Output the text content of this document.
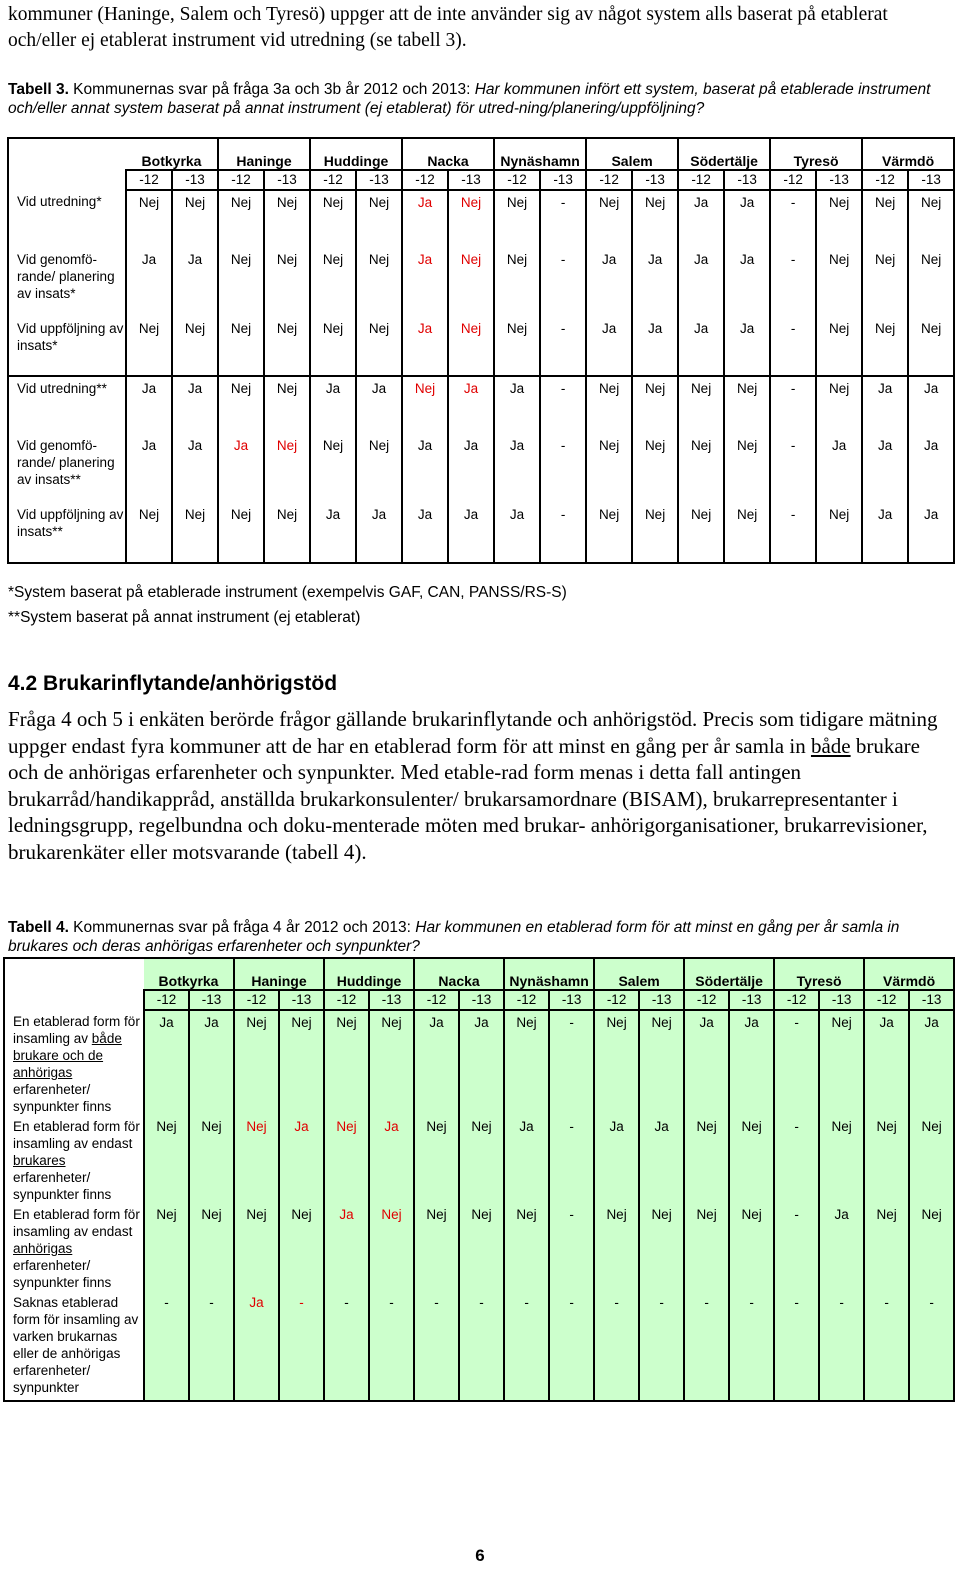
kommuner (Haninge, Salem och Tyresö) uppger att de inte använder sig av något system alls baserat på etablerat och/eller ej etablerat instrument vid utredning (se tabell 3).
Tabell 3. Kommunernas svar på fråga 3a och 3b år 2012 och 2013: Har kommunen infört ett system, baserat på etablerade instrument och/eller annat system baserat på annat instrument (ej etablerat) för utred-ning/planering/uppföljning?
	Botkyrka		Haninge		Huddinge		Nacka		Nynäshamn		Salem		Södertälje		Tyresö		Värmdö	
	-12	-13	-12	-13	-12	-13	-12	-13	-12	-13	-12	-13	-12	-13	-12	-13	-12	-13
Vid utredning*	Nej	Nej	Nej	Nej	Nej	Nej	Ja	Nej	Nej	-	Nej	Nej	Ja	Ja	-	Nej	Nej	Nej
Vid genomfö-rande/ planering av insats*	Ja	Ja	Nej	Nej	Nej	Nej	Ja	Nej	Nej	-	Ja	Ja	Ja	Ja	-	Nej	Nej	Nej
Vid uppföljning av insats*	Nej	Nej	Nej	Nej	Nej	Nej	Ja	Nej	Nej	-	Ja	Ja	Ja	Ja	-	Nej	Nej	Nej
Vid utredning**	Ja	Ja	Nej	Nej	Ja	Ja	Nej	Ja	Ja	-	Nej	Nej	Nej	Nej	-	Nej	Ja	Ja
Vid genomfö-rande/ planering av insats**	Ja	Ja	Ja	Nej	Nej	Nej	Ja	Ja	Ja	-	Nej	Nej	Nej	Nej	-	Ja	Ja	Ja
Vid uppföljning av insats**	Nej	Nej	Nej	Nej	Ja	Ja	Ja	Ja	Ja	-	Nej	Nej	Nej	Nej	-	Nej	Ja	Ja
*System baserat på etablerade instrument (exempelvis GAF, CAN, PANSS/RS-S)
**System baserat på annat instrument (ej etablerat)
4.2 Brukarinflytande/anhörigstöd
Fråga 4 och 5 i enkäten berörde frågor gällande brukarinflytande och anhörigstöd. Precis som tidigare mätning uppger endast fyra kommuner att de har en etablerad form för att minst en gång per år samla in både brukare och de anhörigas erfarenheter och synpunkter. Med etable-rad form menas i detta fall antingen brukarråd/handikappråd, anställda brukarkonsulenter/ brukarsamordnare (BISAM), brukarrepresentanter i ledningsgrupp, regelbundna och doku-menterade möten med brukar- anhörigorganisationer, brukarrevisioner, brukarenkäter eller motsvarande (tabell 4).
Tabell 4. Kommunernas svar på fråga 4 år 2012 och 2013: Har kommunen en etablerad form för att minst en gång per år samla in brukares och deras anhörigas erfarenheter och synpunkter?
	Botkyrka		Haninge		Huddinge		Nacka		Nynäshamn		Salem		Södertälje		Tyresö		Värmdö	
	-12	-13	-12	-13	-12	-13	-12	-13	-12	-13	-12	-13	-12	-13	-12	-13	-12	-13
En etablerad form för insamling av både brukare och de anhörigas erfarenheter/ synpunkter finns	Ja	Ja	Nej	Nej	Nej	Nej	Ja	Ja	Nej	-	Nej	Nej	Ja	Ja	-	Nej	Ja	Ja
En etablerad form för insamling av endast brukares erfarenheter/ synpunkter finns	Nej	Nej	Nej	Ja	Nej	Ja	Nej	Nej	Ja	-	Ja	Ja	Nej	Nej	-	Nej	Nej	Nej
En etablerad form för insamling av endast anhörigas erfarenheter/ synpunkter finns	Nej	Nej	Nej	Nej	Ja	Nej	Nej	Nej	Nej	-	Nej	Nej	Nej	Nej	-	Ja	Nej	Nej
Saknas etablerad form för insamling av varken brukarnas eller de anhörigas erfarenheter/ synpunkter	-	-	Ja	-	-	-	-	-	-	-	-	-	-	-	-	-	-	-
6
